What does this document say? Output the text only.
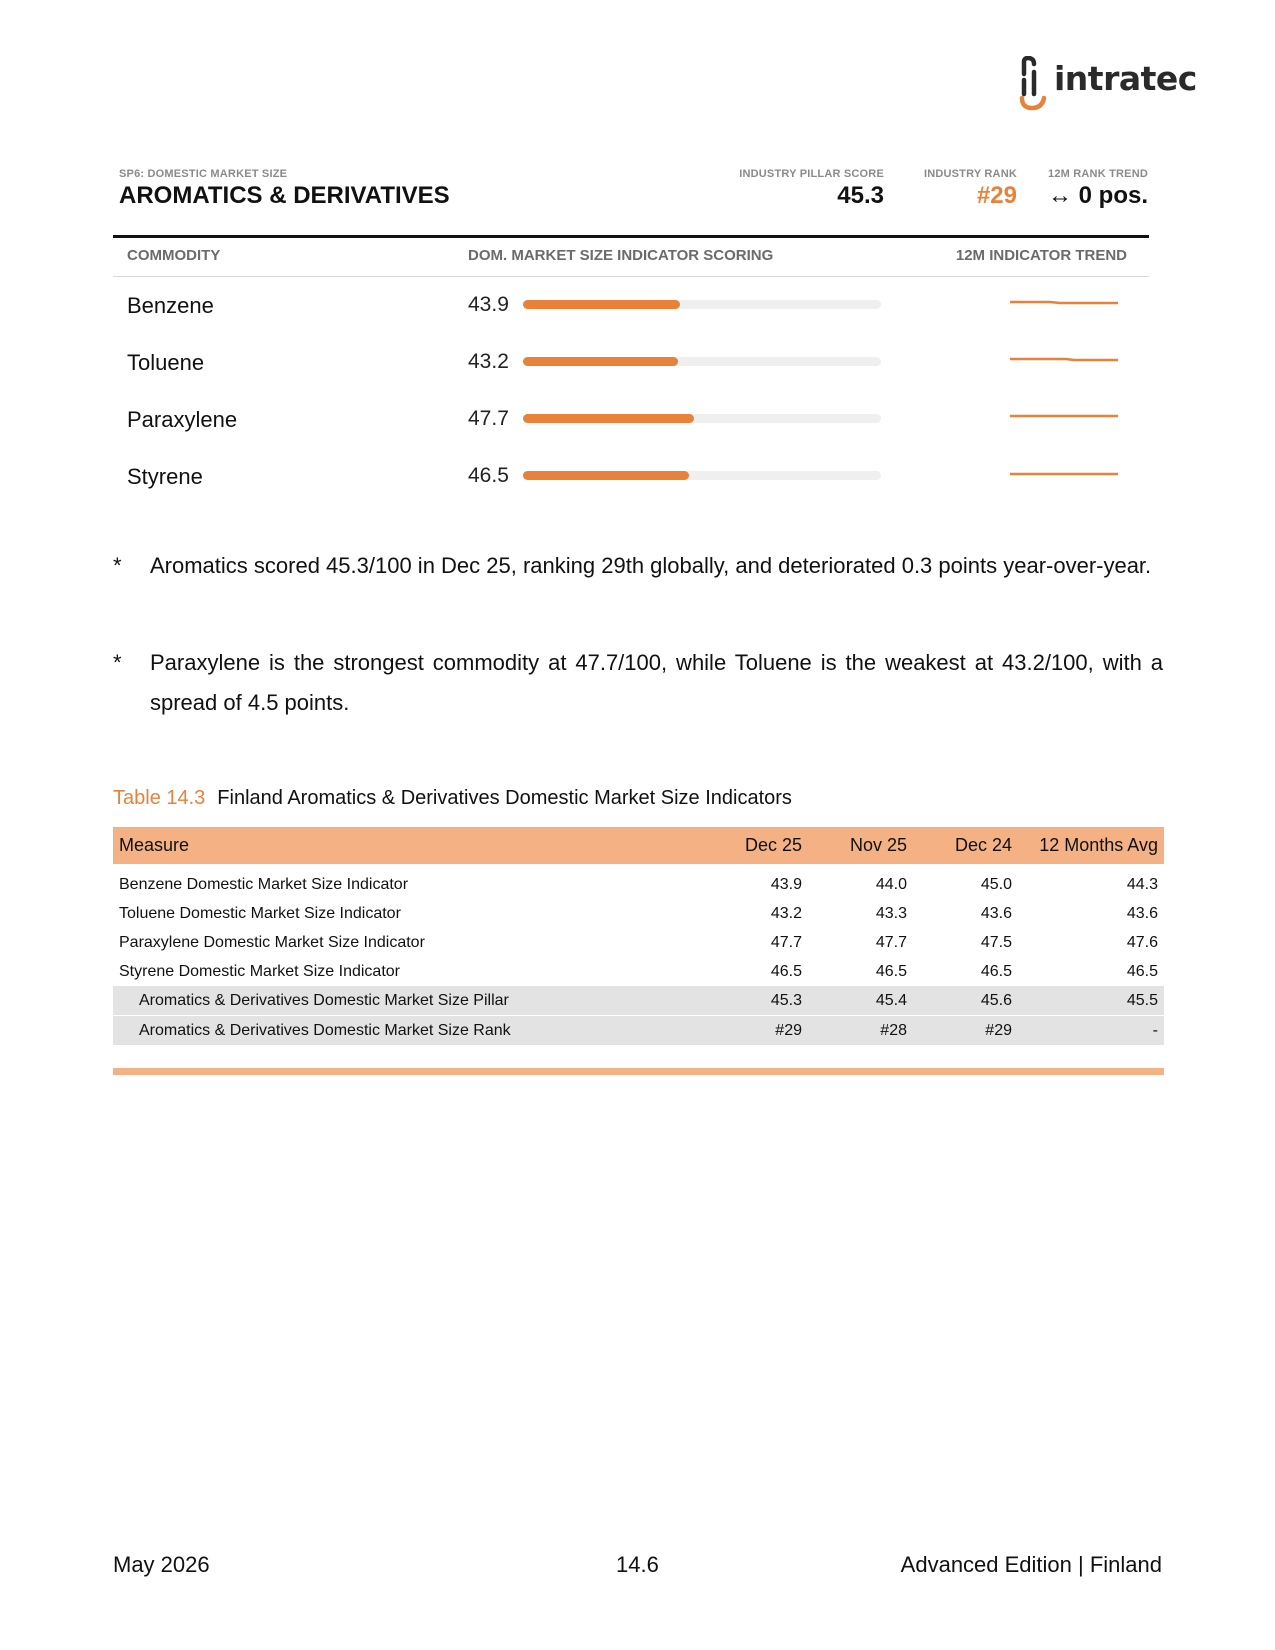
intratec
SP6: DOMESTIC MARKET SIZE
AROMATICS & DERIVATIVES
INDUSTRY PILLAR SCORE
45.3
INDUSTRY RANK
#29
12M RANK TREND
↔ 0 pos.
COMMODITY	DOM. MARKET SIZE INDICATOR SCORING	12M INDICATOR TREND
Benzene	43.9
Toluene	43.2
Paraxylene	47.7
Styrene	46.5
* Aromatics scored 45.3/100 in Dec 25, ranking 29th globally, and deteriorated 0.3 points year-over-year.
* Paraxylene is the strongest commodity at 47.7/100, while Toluene is the weakest at 43.2/100, with a spread of 4.5 points.
Table 14.3 Finland Aromatics & Derivatives Domestic Market Size Indicators
Measure	Dec 25	Nov 25	Dec 24	12 Months Avg

Benzene Domestic Market Size Indicator	43.9	44.0	45.0	44.3
Toluene Domestic Market Size Indicator	43.2	43.3	43.6	43.6
Paraxylene Domestic Market Size Indicator	47.7	47.7	47.5	47.6
Styrene Domestic Market Size Indicator	46.5	46.5	46.5	46.5
Aromatics & Derivatives Domestic Market Size Pillar	45.3	45.4	45.6	45.5
Aromatics & Derivatives Domestic Market Size Rank	#29	#28	#29	-
May 2026	14.6	Advanced Edition | Finland
